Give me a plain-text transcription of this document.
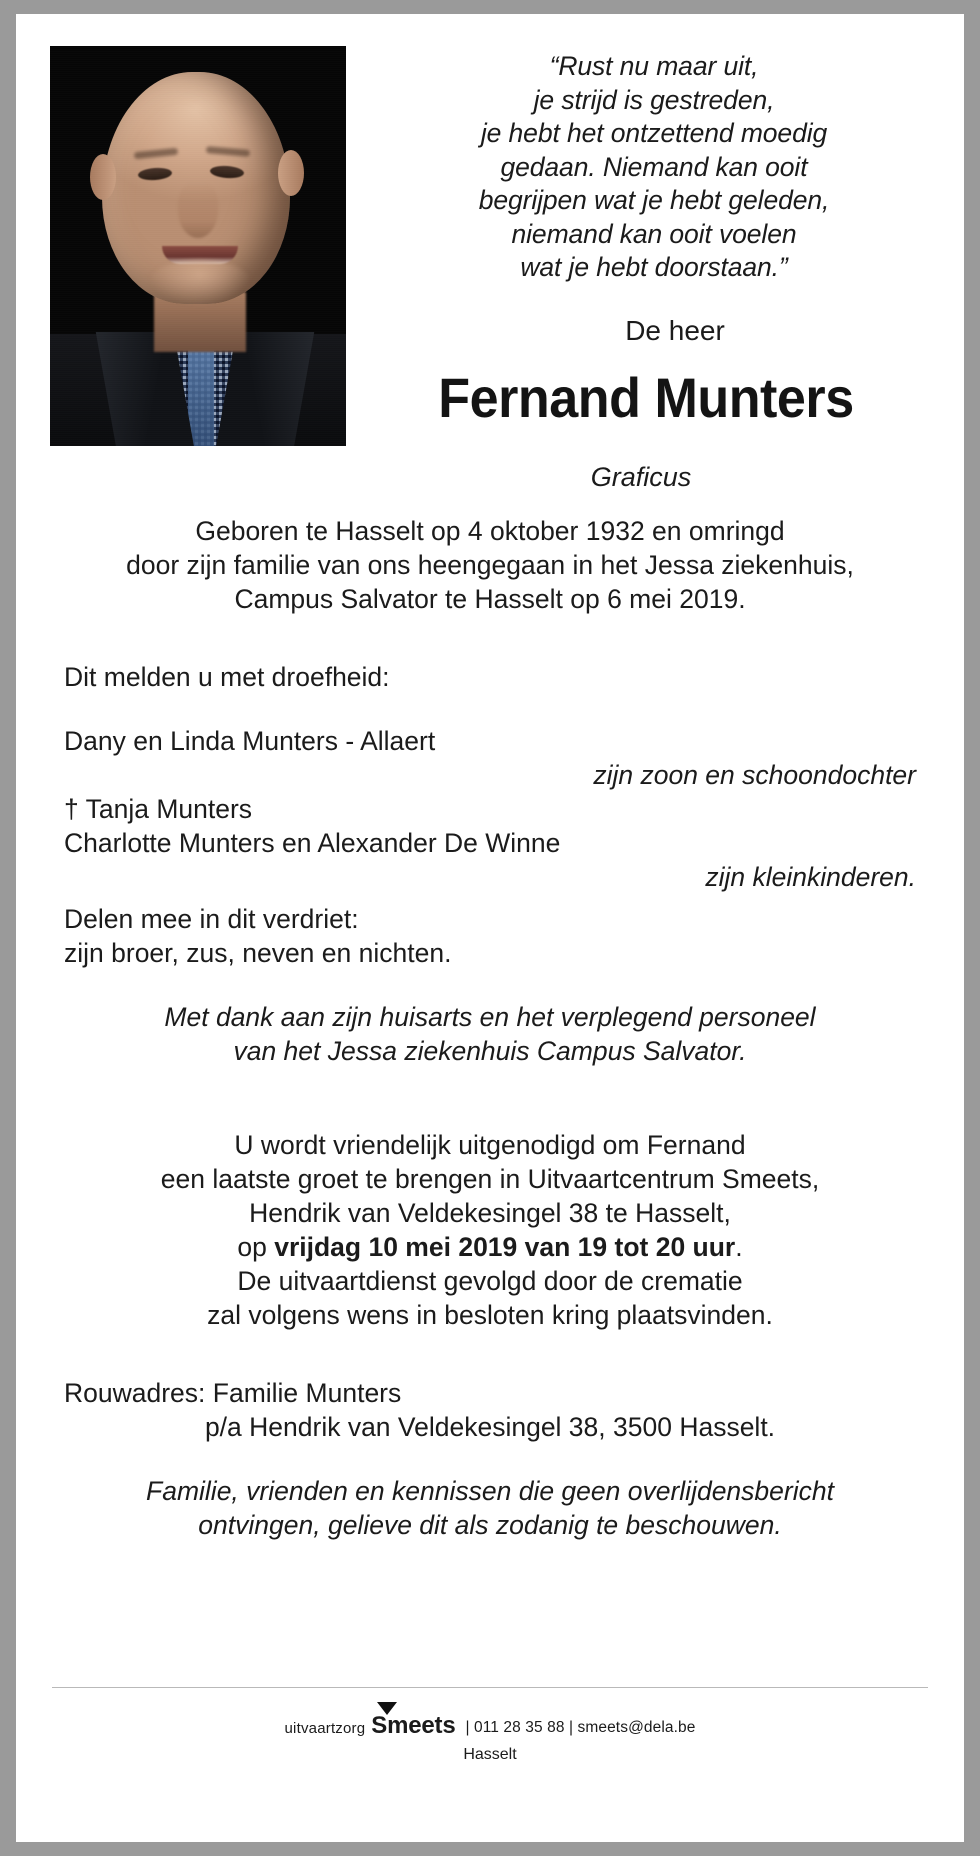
“Rust nu maar uit,
je strijd is gestreden,
je hebt het ontzettend moedig
gedaan. Niemand kan ooit
begrijpen wat je hebt geleden,
niemand kan ooit voelen
wat je hebt doorstaan.”
De heer
Fernand Munters
Graficus

Geboren te Hasselt op 4 oktober 1932 en omringd

door zijn familie van ons heengegaan in het Jessa ziekenhuis,

Campus Salvator te Hasselt op 6 mei 2019.

Dit melden u met droefheid:

Dany en Linda Munters - Allaert

zijn zoon en schoondochter

† Tanja Munters

Charlotte Munters en Alexander De Winne

zijn kleinkinderen.

Delen mee in dit verdriet:

zijn broer, zus, neven en nichten.

Met dank aan zijn huisarts en het verplegend personeel

van het Jessa ziekenhuis Campus Salvator.

U wordt vriendelijk uitgenodigd om Fernand

een laatste groet te brengen in Uitvaartcentrum Smeets,

Hendrik van Veldekesingel 38 te Hasselt,

op vrijdag 10 mei 2019 van 19 tot 20 uur.

De uitvaartdienst gevolgd door de crematie

zal volgens wens in besloten kring plaatsvinden.

Rouwadres: Familie Munters

p/a Hendrik van Veldekesingel 38, 3500 Hasselt.

Familie, vrienden en kennissen die geen overlijdensbericht

ontvingen, gelieve dit als zodanig te beschouwen.

uitvaartzorg Smeets | 011 28 35 88 | smeets@dela.be
Hasselt
